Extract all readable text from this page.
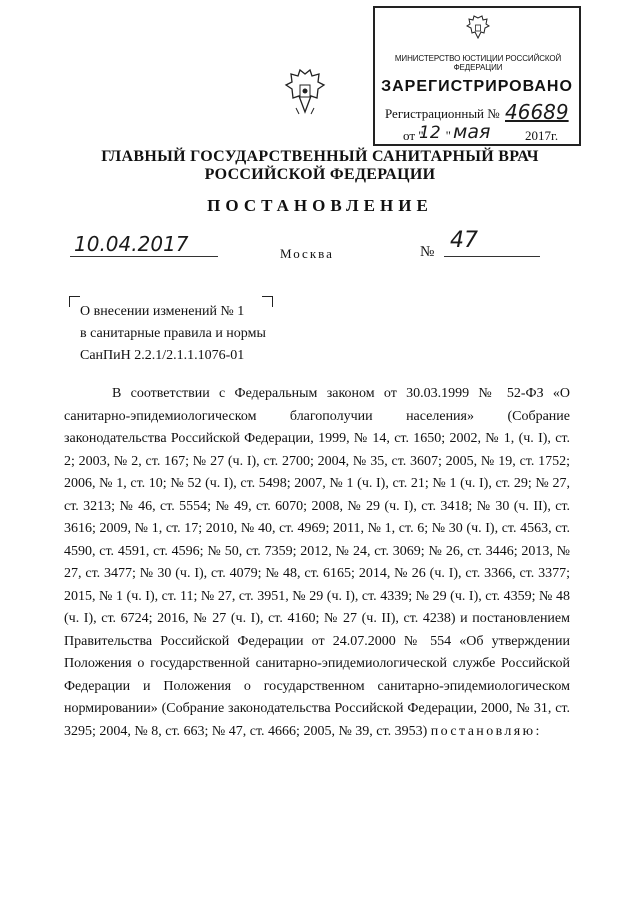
МИНИСТЕРСТВО ЮСТИЦИИ РОССИЙСКОЙ ФЕДЕРАЦИИ
ЗАРЕГИСТРИРОВАНО
Регистрационный № 46689
от " "
12 мая	2017г.
ГЛАВНЫЙ ГОСУДАРСТВЕННЫЙ САНИТАРНЫЙ ВРАЧ
РОССИЙСКОЙ ФЕДЕРАЦИИ
ПОСТАНОВЛЕНИЕ
10.04.2017	Москва	№ 47
О внесении изменений № 1
в санитарные правила и нормы
СанПиН 2.2.1/2.1.1.1076-01
В соответствии с Федеральным законом от 30.03.1999 № 52-ФЗ «О санитарно-эпидемиологическом благополучии населения» (Собрание законодательства Российской Федерации, 1999, № 14, ст. 1650; 2002, № 1, (ч. I), ст. 2; 2003, № 2, ст. 167; № 27 (ч. I), ст. 2700; 2004, № 35, ст. 3607; 2005, № 19, ст. 1752; 2006, № 1, ст. 10; № 52 (ч. I), ст. 5498; 2007, № 1 (ч. I), ст. 21; № 1 (ч. I), ст. 29; № 27, ст. 3213; № 46, ст. 5554; № 49, ст. 6070; 2008, № 29 (ч. I), ст. 3418; № 30 (ч. II), ст. 3616; 2009, № 1, ст. 17; 2010, № 40, ст. 4969; 2011, № 1, ст. 6; № 30 (ч. I), ст. 4563, ст. 4590, ст. 4591, ст. 4596; № 50, ст. 7359; 2012, № 24, ст. 3069; № 26, ст. 3446; 2013, № 27, ст. 3477; № 30 (ч. I), ст. 4079; № 48, ст. 6165; 2014, № 26 (ч. I), ст. 3366, ст. 3377; 2015, № 1 (ч. I), ст. 11; № 27, ст. 3951, № 29 (ч. I), ст. 4339; № 29 (ч. I), ст. 4359; № 48 (ч. I), ст. 6724; 2016, № 27 (ч. I), ст. 4160; № 27 (ч. II), ст. 4238) и постановлением Правительства Российской Федерации от 24.07.2000 № 554 «Об утверждении Положения о государственной санитарно-эпидемиологической службе Российской Федерации и Положения о государственном санитарно-эпидемиологическом нормировании» (Собрание законодательства Российской Федерации, 2000, № 31, ст. 3295; 2004, № 8, ст. 663; № 47, ст. 4666; 2005, № 39, ст. 3953) постановляю:
